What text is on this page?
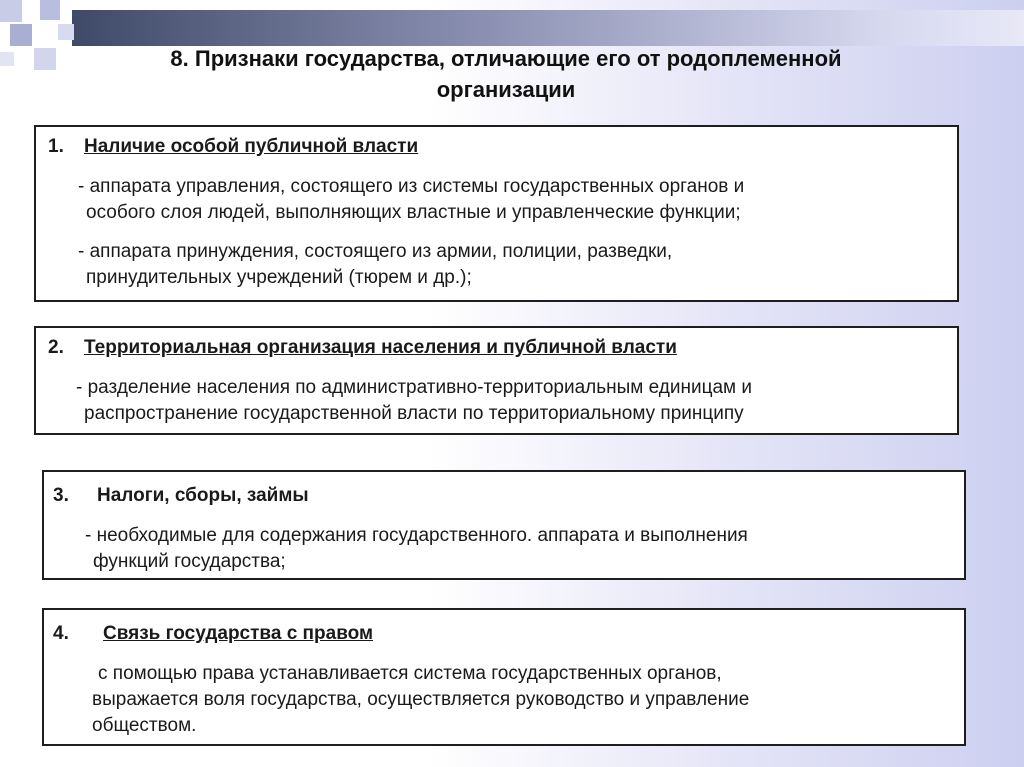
8. Признаки государства, отличающие его от родоплеменной
организации
1. Наличие особой публичной власти
- аппарата управления, состоящего из системы государственных органов и
особого слоя людей, выполняющих властные и управленческие функции;
- аппарата принуждения, состоящего из армии, полиции, разведки,
принудительных учреждений (тюрем и др.);
2. Территориальная организация населения и публичной власти
- разделение населения по административно-территориальным единицам и
распространение государственной власти по территориальному принципу
3. Налоги, сборы, займы
- необходимые для содержания государственного. аппарата и выполнения
функций государства;
4. Связь государства с правом
с помощью права устанавливается система государственных органов,
выражается воля государства, осуществляется руководство и управление
обществом.
